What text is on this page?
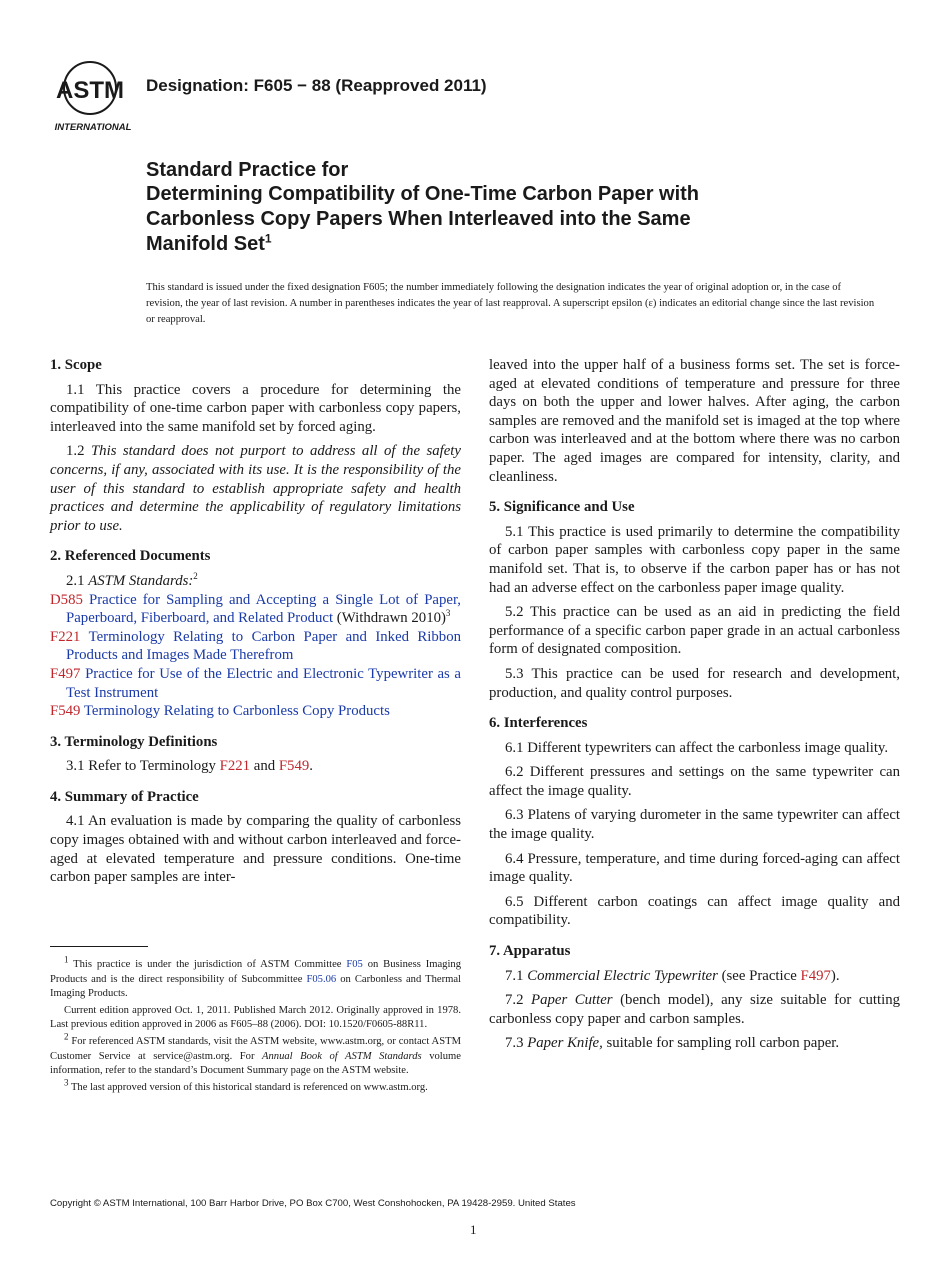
ASTM
INTERNATIONAL
Designation: F605 − 88 (Reapproved 2011)
Standard Practice for
Determining Compatibility of One-Time Carbon Paper with
Carbonless Copy Papers When Interleaved into the Same
Manifold Set$^1$
This standard is issued under the fixed designation F605; the number immediately following the designation indicates the year of original adoption or, in the case of revision, the year of last revision. A number in parentheses indicates the year of last reapproval. A superscript epsilon (ε) indicates an editorial change since the last revision or reapproval.
1. Scope

1.1 This practice covers a procedure for determining the compatibility of one-time carbon paper with carbonless copy papers, interleaved into the same manifold set by forced aging.

1.2 This standard does not purport to address all of the safety concerns, if any, associated with its use. It is the responsibility of the user of this standard to establish appropriate safety and health practices and determine the applicability of regulatory limitations prior to use.

2. Referenced Documents

2.1 ASTM Standards:$^2$

D585 Practice for Sampling and Accepting a Single Lot of Paper, Paperboard, Fiberboard, and Related Product (Withdrawn 2010)$^3$
F221 Terminology Relating to Carbon Paper and Inked Ribbon Products and Images Made Therefrom
F497 Practice for Use of the Electric and Electronic Typewriter as a Test Instrument
F549 Terminology Relating to Carbonless Copy Products
3. Terminology Definitions

3.1 Refer to Terminology F221 and F549.

4. Summary of Practice

4.1 An evaluation is made by comparing the quality of carbonless copy images obtained with and without carbon interleaved and force-aged at elevated temperature and pressure conditions. One-time carbon paper samples are inter-

leaved into the upper half of a business forms set. The set is force-aged at elevated conditions of temperature and pressure for three days on both the upper and lower halves. After aging, the carbon samples are removed and the manifold set is imaged at the top where carbon was interleaved and at the bottom where there was no carbon paper. The aged images are compared for intensity, clarity, and cleanliness.

5. Significance and Use

5.1 This practice is used primarily to determine the compatibility of carbon paper samples with carbonless copy paper in the same manifold set. That is, to observe if the carbon paper has or has not had an adverse effect on the carbonless paper image quality.

5.2 This practice can be used as an aid in predicting the field performance of a specific carbon paper grade in an actual carbonless form of designated composition.

5.3 This practice can be used for research and development, production, and quality control purposes.

6. Interferences

6.1 Different typewriters can affect the carbonless image quality.

6.2 Different pressures and settings on the same typewriter can affect the image quality.

6.3 Platens of varying durometer in the same typewriter can affect the image quality.

6.4 Pressure, temperature, and time during forced-aging can affect image quality.

6.5 Different carbon coatings can affect image quality and compatibility.

7. Apparatus

7.1 Commercial Electric Typewriter (see Practice F497).

7.2 Paper Cutter (bench model), any size suitable for cutting carbonless copy paper and carbon samples.

7.3 Paper Knife, suitable for sampling roll carbon paper.

$^1$ This practice is under the jurisdiction of ASTM Committee F05 on Business Imaging Products and is the direct responsibility of Subcommittee F05.06 on Carbonless and Thermal Imaging Products.

Current edition approved Oct. 1, 2011. Published March 2012. Originally approved in 1978. Last previous edition approved in 2006 as F605–88 (2006). DOI: 10.1520/F0605-88R11.

$^2$ For referenced ASTM standards, visit the ASTM website, www.astm.org, or contact ASTM Customer Service at service@astm.org. For Annual Book of ASTM Standards volume information, refer to the standard’s Document Summary page on the ASTM website.

$^3$ The last approved version of this historical standard is referenced on www.astm.org.

Copyright © ASTM International, 100 Barr Harbor Drive, PO Box C700, West Conshohocken, PA 19428-2959. United States
1
